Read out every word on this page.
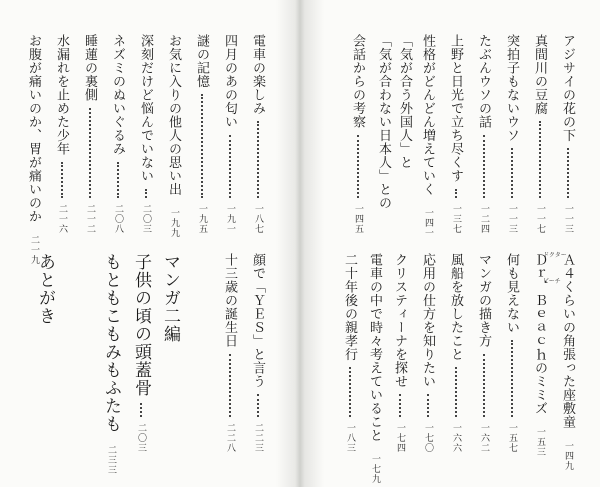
アジサイの花の下
一一三
真間川の豆腐
一一七
突拍子もないウソ
一一三
たぶんウソの話
一二四
上野と日光で立ち尽くす
一三七
性格がどんどん増えていく
一四一
「気が合う外国人」と
「気が合わない日本人」との
会話からの考察
一四五
Ａ４くらいの角張った座敷童
一四九
Ｄｒ．Ｂｅａｃｈのミミズ
一五三
ドクター
ビーチ
何も見えない
一五七
マンガの描き方
一六二
風船を放したこと
一六六
応用の仕方を知りたい
一七〇
クリスティーナを探せ
一七四
電車の中で時々考えていること
一七九
二十年後の親孝行
一八三
電車の楽しみ
一八七
四月のあの匂い
一九一
謎の記憶
一九五
お気に入りの他人の思い出
一九九
深刻だけど悩んでいない
二〇三
ネズミのぬいぐるみ
二〇八
睡蓮の裏側
二一二
水漏れを止めた少年
二一六
お腹が痛いのか、胃が痛いのか
二一九
顔で「ＹＥＳ」と言う
二二三
十三歳の誕生日
二二八
マンガ二編
子供の頃の頭蓋骨
二〇三
もともこもみもふたも
二三三
あとがき
